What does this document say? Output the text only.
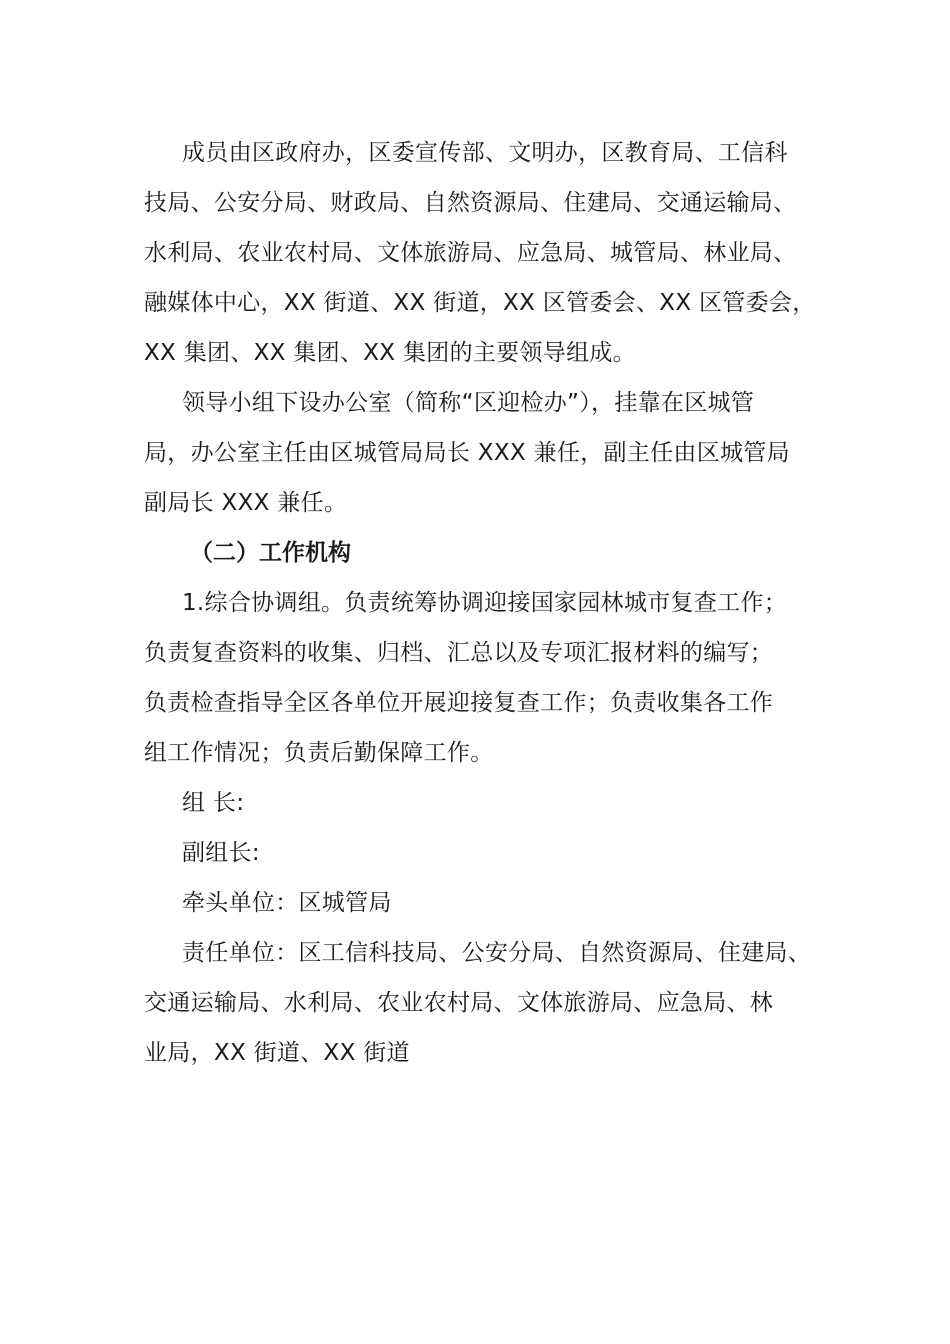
成员由区政府办，区委宣传部、文明办，区教育局、工信科
技局、公安分局、财政局、自然资源局、住建局、交通运输局、
水利局、农业农村局、文体旅游局、应急局、城管局、林业局、
融媒体中心，XX 街道、XX 街道，XX 区管委会、XX 区管委会，
XX 集团、XX 集团、XX 集团的主要领导组成。

领导小组下设办公室（简称“区迎检办”），挂靠在区城管
局，办公室主任由区城管局局长 XXX 兼任，副主任由区城管局
副局长 XXX 兼任。

（二）工作机构

1.综合协调组。负责统筹协调迎接国家园林城市复查工作；
负责复查资料的收集、归档、汇总以及专项汇报材料的编写；
负责检查指导全区各单位开展迎接复查工作；负责收集各工作
组工作情况；负责后勤保障工作。

组 长:

副组长:

牵头单位：区城管局

责任单位：区工信科技局、公安分局、自然资源局、住建局、
交通运输局、水利局、农业农村局、文体旅游局、应急局、林
业局，XX 街道、XX 街道
